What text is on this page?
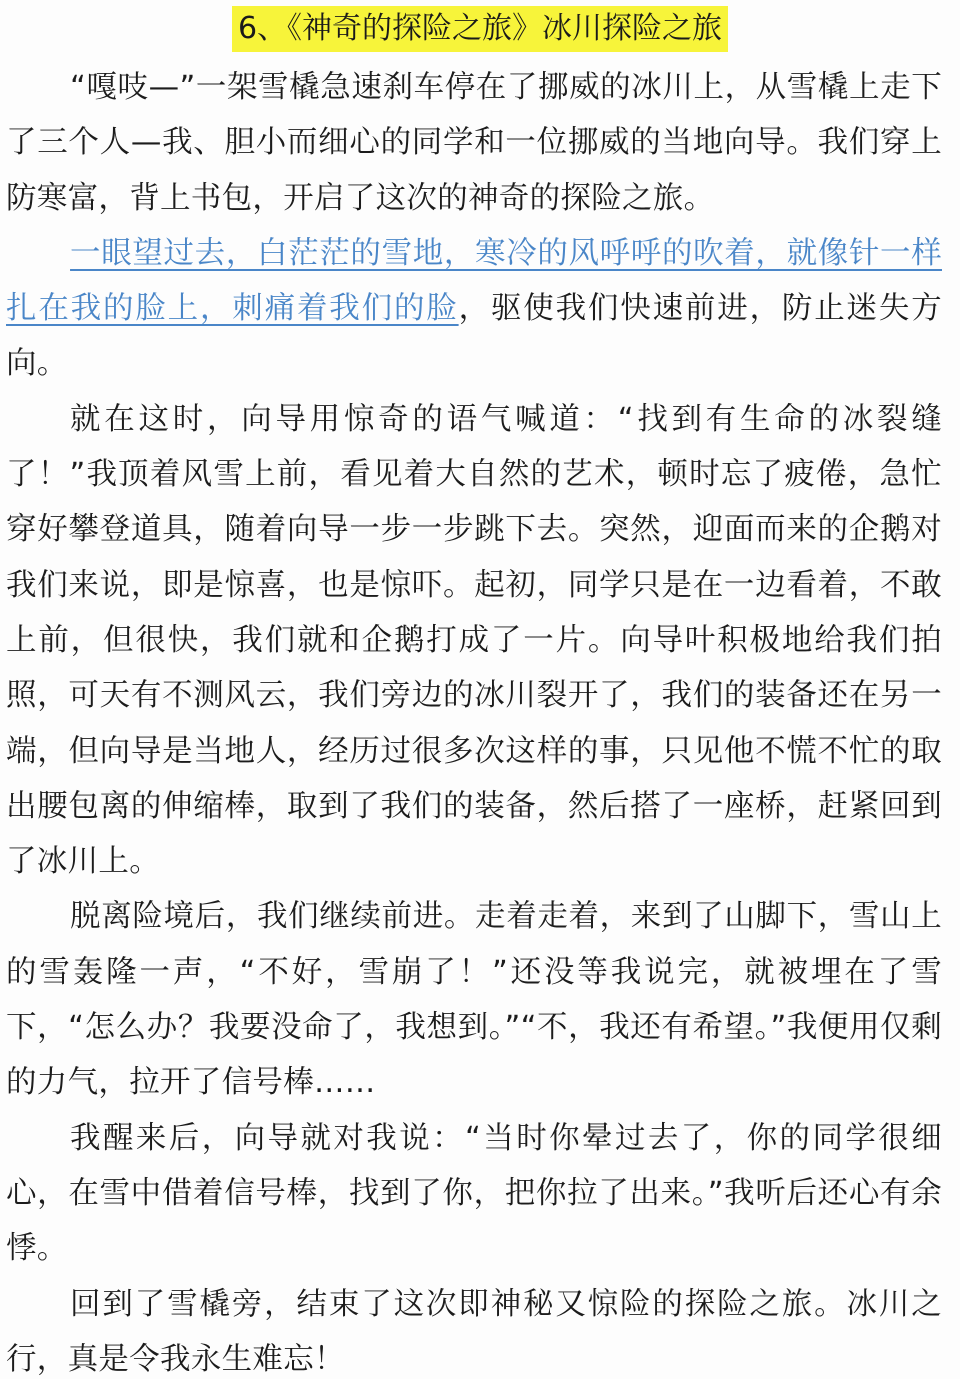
6、《神奇的探险之旅》冰川探险之旅

“嘎吱—”一架雪橇急速刹车停在了挪威的冰川上，从雪橇上走下了三个人—我、胆小而细心的同学和一位挪威的当地向导。我们穿上防寒富，背上书包，开启了这次的神奇的探险之旅。

一眼望过去，白茫茫的雪地，寒冷的风呼呼的吹着，就像针一样扎在我的脸上，刺痛着我们的脸，驱使我们快速前进，防止迷失方向。

就在这时，向导用惊奇的语气喊道：“找到有生命的冰裂缝了！”我顶着风雪上前，看见着大自然的艺术，顿时忘了疲倦，急忙穿好攀登道具，随着向导一步一步跳下去。突然，迎面而来的企鹅对我们来说，即是惊喜，也是惊吓。起初，同学只是在一边看着，不敢上前，但很快，我们就和企鹅打成了一片。向导叶积极地给我们拍照，可天有不测风云，我们旁边的冰川裂开了，我们的装备还在另一端，但向导是当地人，经历过很多次这样的事，只见他不慌不忙的取出腰包离的伸缩棒，取到了我们的装备，然后搭了一座桥，赶紧回到了冰川上。

脱离险境后，我们继续前进。走着走着，来到了山脚下，雪山上的雪轰隆一声，“不好，雪崩了！”还没等我说完，就被埋在了雪下，“怎么办？我要没命了，我想到。”“不，我还有希望。”我便用仅剩的力气，拉开了信号棒……

我醒来后，向导就对我说：“当时你晕过去了，你的同学很细心，在雪中借着信号棒，找到了你，把你拉了出来。”我听后还心有余悸。

回到了雪橇旁，结束了这次即神秘又惊险的探险之旅。冰川之行，真是令我永生难忘！
